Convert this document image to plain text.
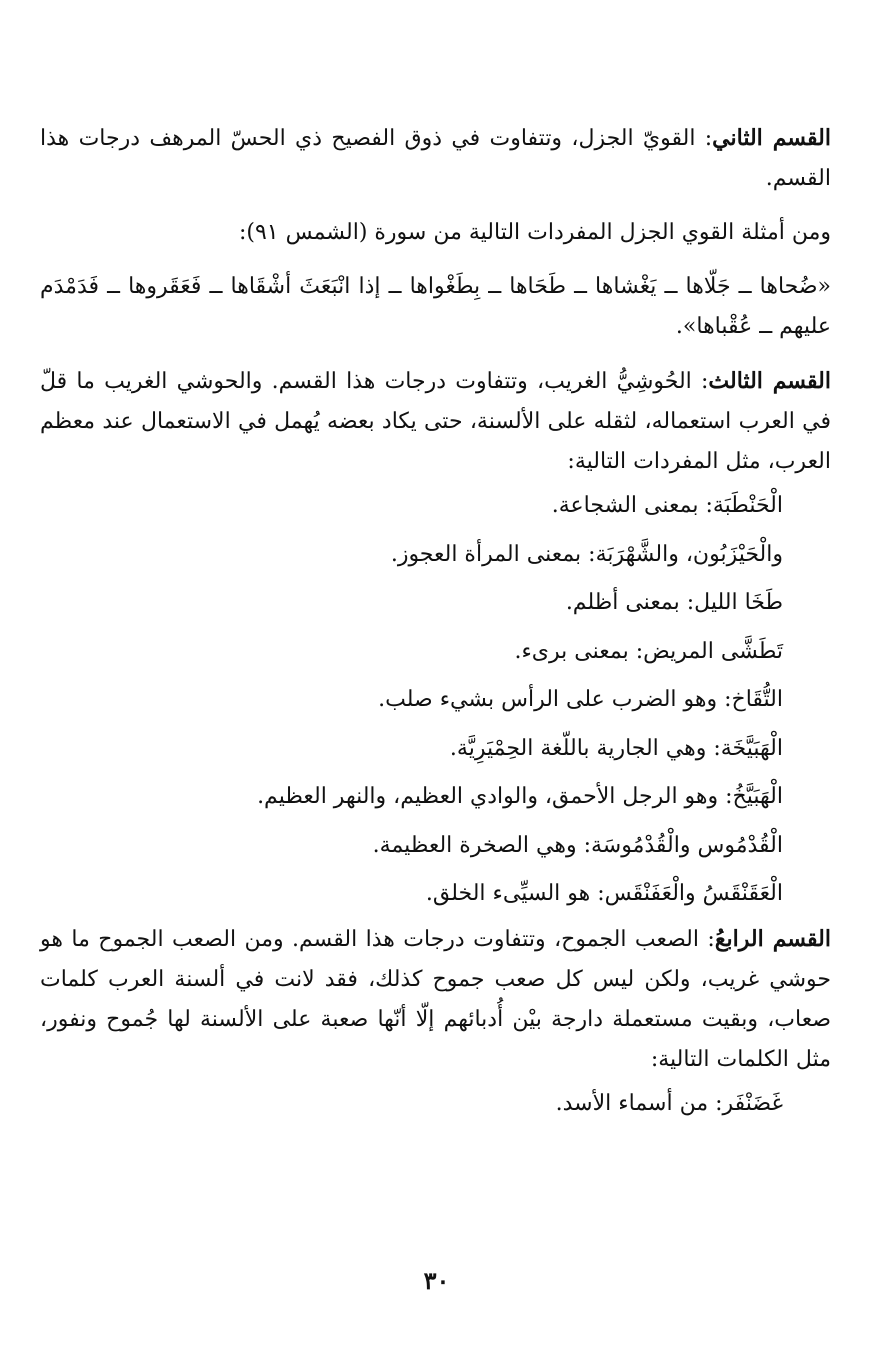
القسم الثاني: القويّ الجزل، وتتفاوت في ذوق الفصيح ذي الحسّ المرهف درجات هذا القسم.

ومن أمثلة القوي الجزل المفردات التالية من سورة (الشمس ٩١):

«ضُحاها ــ جَلّاها ــ يَغْشاها ــ طَحَاها ــ بِطَغْواها ــ إذا انْبَعَثَ أشْقَاها ــ فَعَقَروها ــ فَدَمْدَم عليهم ــ عُقْباها».

القسم الثالث: الحُوشِيُّ الغريب، وتتفاوت درجات هذا القسم. والحوشي الغريب ما قلّ في العرب استعماله، لثقله على الألسنة، حتى يكاد بعضه يُهمل في الاستعمال عند معظم العرب، مثل المفردات التالية:

الْحَنْطَبَة: بمعنى الشجاعة.
والْحَيْزَبُون، والشَّهْرَبَة: بمعنى المرأة العجوز.
طَخَا الليل: بمعنى أظلم.
تَطَشَّى المريض: بمعنى برىء.
التُّقَاخ: وهو الضرب على الرأس بشيء صلب.
الْهَبَيَّخَة: وهي الجارية باللّغة الحِمْيَرِيَّة.
الْهَبَيَّخُ: وهو الرجل الأحمق، والوادي العظيم، والنهر العظيم.
الْقُدْمُوس والْقُدْمُوسَة: وهي الصخرة العظيمة.
الْعَقَنْقَسُ والْعَفَنْقَس: هو السيِّىء الخلق.

القسم الرابعُ: الصعب الجموح، وتتفاوت درجات هذا القسم. ومن الصعب الجموح ما هو حوشي غريب، ولكن ليس كل صعب جموح كذلك، فقد لانت في ألسنة العرب كلمات صعاب، وبقيت مستعملة دارجة بيْن أُدبائهم إلّا أنّها صعبة على الألسنة لها جُموح ونفور، مثل الكلمات التالية:

غَضَنْفَر: من أسماء الأسد.
٣٠
